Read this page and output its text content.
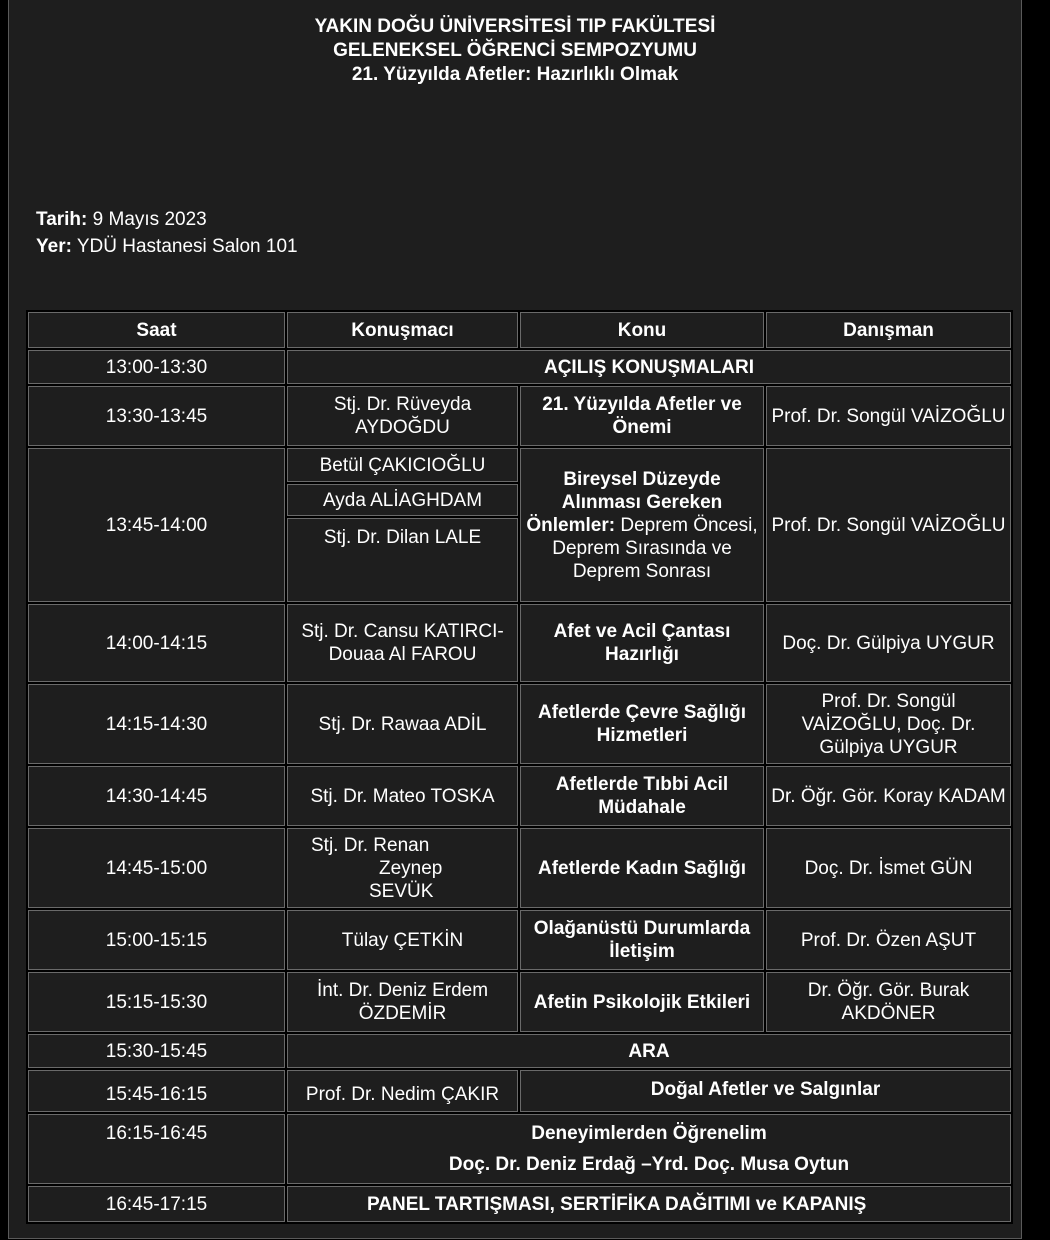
YAKIN DOĞU ÜNİVERSİTESİ TIP FAKÜLTESİ
GELENEKSEL ÖĞRENCİ SEMPOZYUMU
21. Yüzyılda Afetler: Hazırlıklı Olmak
Tarih: 9 Mayıs 2023
Yer: YDÜ Hastanesi Salon 101
Saat	Konuşmacı	Konu	Danışman
13:00-13:30	AÇILIŞ KONUŞMALARI		
13:30-13:45	Stj. Dr. Rüveyda AYDOĞDU	21. Yüzyılda Afetler ve Önemi	Prof. Dr. Songül VAİZOĞLU
13:45-14:00	Betül ÇAKICIOĞLU	Bireysel Düzeyde Alınması Gereken Önlemler: Deprem Öncesi, Deprem Sırasında ve Deprem Sonrası	Prof. Dr. Songül VAİZOĞLU
	Ayda ALİAGHDAM		
	Stj. Dr. Dilan LALE		
14:00-14:15	Stj. Dr. Cansu KATIRCI- Douaa Al FAROU	Afet ve Acil Çantası Hazırlığı	Doç. Dr. Gülpiya UYGUR
14:15-14:30	Stj. Dr. Rawaa ADİL	Afetlerde Çevre Sağlığı Hizmetleri	Prof. Dr. Songül VAİZOĞLU, Doç. Dr. Gülpiya UYGUR
14:30-14:45	Stj. Dr. Mateo TOSKA	Afetlerde Tıbbi Acil Müdahale	Dr. Öğr. Gör. Koray KADAM
14:45-15:00	Stj. Dr. Renan
Zeynep
SEVÜK	Afetlerde Kadın Sağlığı	Doç. Dr. İsmet GÜN
15:00-15:15	Tülay ÇETKİN	Olağanüstü Durumlarda İletişim	Prof. Dr. Özen AŞUT
15:15-15:30	İnt. Dr. Deniz Erdem ÖZDEMİR	Afetin Psikolojik Etkileri	Dr. Öğr. Gör. Burak AKDÖNER
15:30-15:45	ARA		
15:45-16:15	Prof. Dr. Nedim ÇAKIR	Doğal Afetler ve Salgınlar	
16:15-16:45	Deneyimlerden Öğrenelim
Doç. Dr. Deniz Erdağ –Yrd. Doç. Musa Oytun		

16:45-17:15	PANEL TARTIŞMASI, SERTİFİKA DAĞITIMI ve KAPANIŞ		
